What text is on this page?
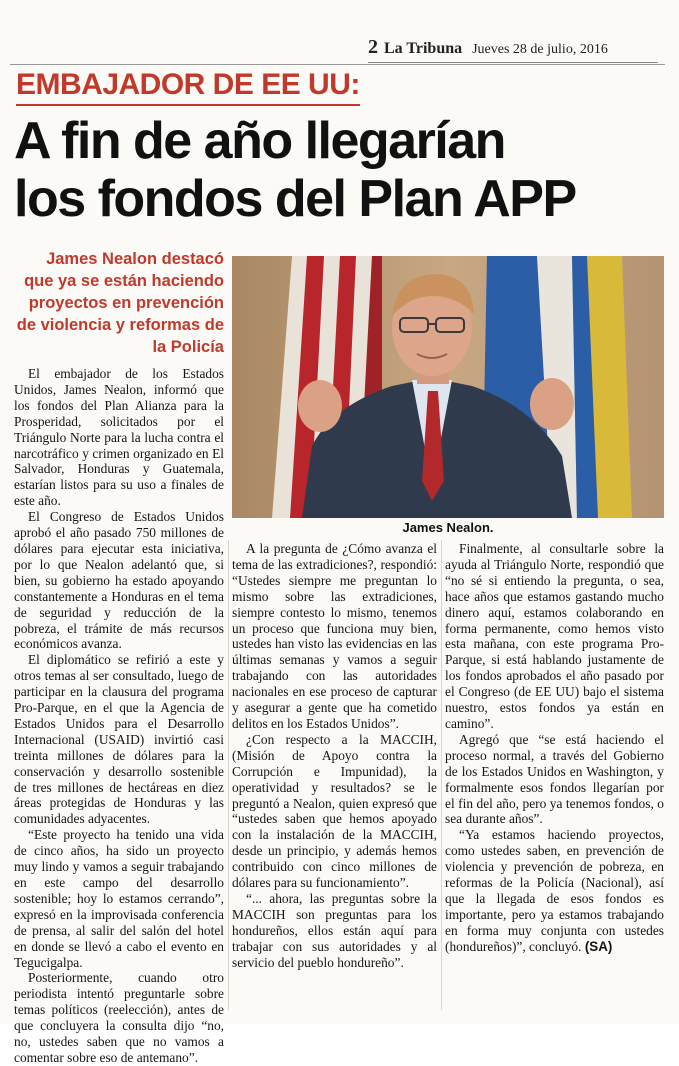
2 La Tribuna Jueves 28 de julio, 2016
EMBAJADOR DE EE UU:
A fin de año llegarían
los fondos del Plan APP
James Nealon destacó que ya se están haciendo proyectos en prevención de violencia y reformas de la Policía
James Nealon.

El embajador de los Estados Unidos, James Nealon, informó que los fondos del Plan Alianza para la Prosperidad, solicitados por el Triángulo Norte para la lucha contra el narcotráfico y crimen organizado en El Salvador, Honduras y Guatemala, estarían listos para su uso a finales de este año.

El Congreso de Estados Unidos aprobó el año pasado 750 millones de dólares para ejecutar esta iniciativa, por lo que Nealon adelantó que, si bien, su gobierno ha estado apoyando constantemente a Honduras en el tema de seguridad y reducción de la pobreza, el trámite de más recursos económicos avanza.

El diplomático se refirió a este y otros temas al ser consultado, luego de participar en la clausura del programa Pro-Parque, en el que la Agencia de Estados Unidos para el Desarrollo Internacional (USAID) invirtió casi treinta millones de dólares para la conservación y desarrollo sostenible de tres millones de hectáreas en diez áreas protegidas de Honduras y las comunidades adyacentes.

“Este proyecto ha tenido una vida de cinco años, ha sido un proyecto muy lindo y vamos a seguir trabajando en este campo del desarrollo sostenible; hoy lo estamos cerrando”, expresó en la improvisada conferencia de prensa, al salir del salón del hotel en donde se llevó a cabo el evento en Tegucigalpa.

Posteriormente, cuando otro periodista intentó preguntarle sobre temas políticos (reelección), antes de que concluyera la consulta dijo “no, no, ustedes saben que no vamos a comentar sobre eso de antemano”.

A la pregunta de ¿Cómo avanza el tema de las extradiciones?, respondió: “Ustedes siempre me preguntan lo mismo sobre las extradiciones, siempre contesto lo mismo, tenemos un proceso que funciona muy bien, ustedes han visto las evidencias en las últimas semanas y vamos a seguir trabajando con las autoridades nacionales en ese proceso de capturar y asegurar a gente que ha cometido delitos en los Estados Unidos”.

¿Con respecto a la MACCIH, (Misión de Apoyo contra la Corrupción e Impunidad), la operatividad y resultados? se le preguntó a Nealon, quien expresó que “ustedes saben que hemos apoyado con la instalación de la MACCIH, desde un principio, y además hemos contribuido con cinco millones de dólares para su funcionamiento”.

“... ahora, las preguntas sobre la MACCIH son preguntas para los hondureños, ellos están aquí para trabajar con sus autoridades y al servicio del pueblo hondureño”.

Finalmente, al consultarle sobre la ayuda al Triángulo Norte, respondió que “no sé si entiendo la pregunta, o sea, hace años que estamos gastando mucho dinero aquí, estamos colaborando en forma permanente, como hemos visto esta mañana, con este programa Pro-Parque, si está hablando justamente de los fondos aprobados el año pasado por el Congreso (de EE UU) bajo el sistema nuestro, estos fondos ya están en camino”.

Agregó que “se está haciendo el proceso normal, a través del Gobierno de los Estados Unidos en Washington, y formalmente esos fondos llegarían por el fin del año, pero ya tenemos fondos, o sea durante años”.

“Ya estamos haciendo proyectos, como ustedes saben, en prevención de violencia y prevención de pobreza, en reformas de la Policía (Nacional), así que la llegada de esos fondos es importante, pero ya estamos trabajando en forma muy conjunta con ustedes (hondureños)”, concluyó. (SA)
